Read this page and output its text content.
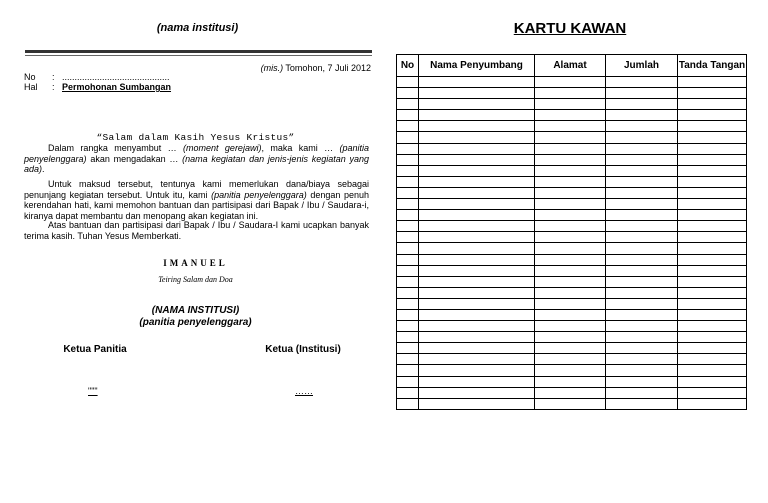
(nama institusi)
(mis.) Tomohon, 7 Juli 2012
No : ...........................................
Hal : Permohonan Sumbangan
“Salam dalam Kasih Yesus Kristus”
Dalam rangka menyambut … (moment gerejawi), maka kami … (panitia penyelenggara) akan mengadakan … (nama kegiatan dan jenis-jenis kegiatan yang ada).
Untuk maksud tersebut, tentunya kami memerlukan dana/biaya sebagai penunjang kegiatan tersebut. Untuk itu, kami (panitia penyelenggara) dengan penuh kerendahan hati, kami memohon bantuan dan partisipasi dari Bapak / Ibu / Saudara-i, kiranya dapat membantu dan menopang akan kegiatan ini.
Atas bantuan dan partisipasi dari Bapak / Ibu / Saudara-I kami ucapkan banyak terima kasih. Tuhan Yesus Memberkati.
IMANUEL
Teiring Salam dan Doa
(NAMA INSTITUSI)
(panitia penyelenggara)
Ketua Panitia	Ketua (Institusi)
"""	……
KARTU KAWAN
No	Nama Penyumbang	Alamat	Jumlah	Tanda Tangan
